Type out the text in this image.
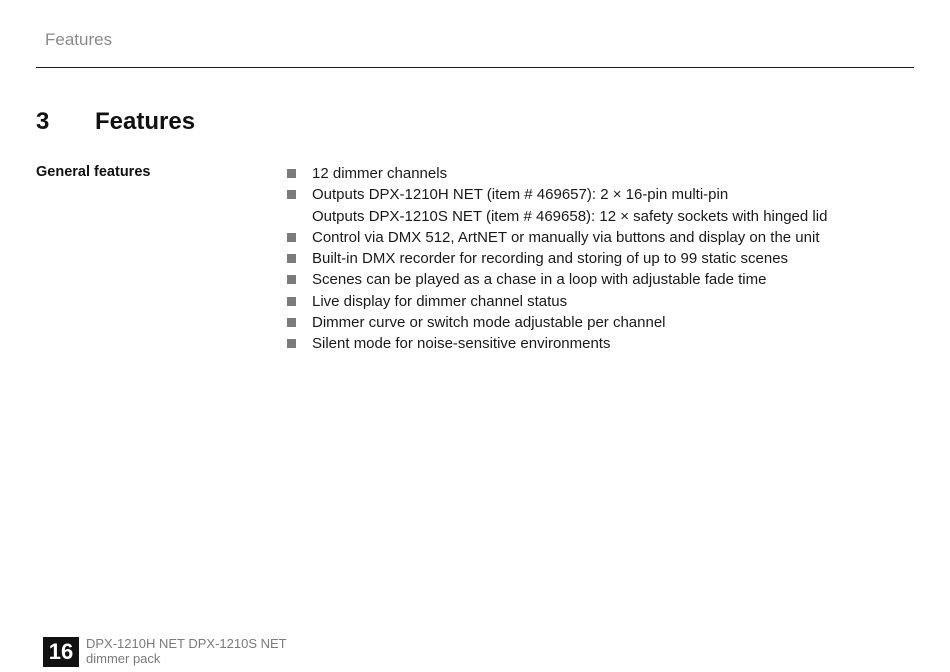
Features
3 Features
General features	12 dimmer channels
Outputs DPX-1210H NET (item # 469657): 2 × 16-pin multi-pin
Outputs DPX-1210S NET (item # 469658): 12 × safety sockets with hinged lid
Control via DMX 512, ArtNET or manually via buttons and display on the unit
Built-in DMX recorder for recording and storing of up to 99 static scenes
Scenes can be played as a chase in a loop with adjustable fade time
Live display for dimmer channel status
Dimmer curve or switch mode adjustable per channel
Silent mode for noise-sensitive environments
16 DPX-1210H NET DPX-1210S NET
dimmer pack
